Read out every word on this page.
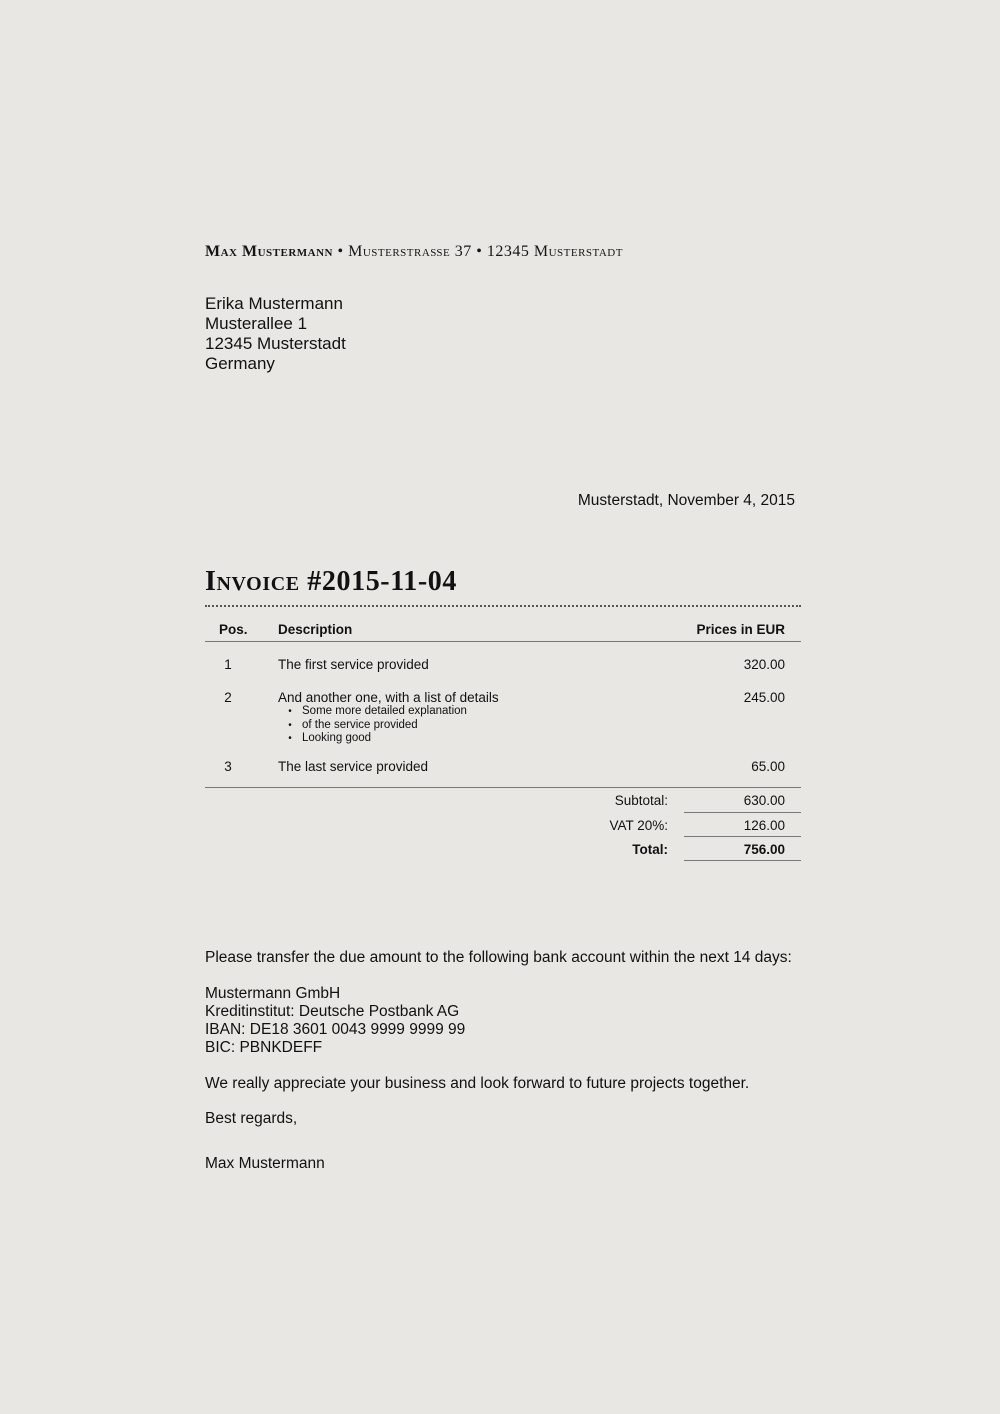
Max Mustermann • Musterstraße 37 • 12345 Musterstadt
Erika Mustermann
Musterallee 1
12345 Musterstadt
Germany
Musterstadt, November 4, 2015
Invoice #2015-11-04
Pos. Description	Prices in EUR
1	The first service provided	320.00
2	And another one, with a list of details	245.00
• Some more detailed explanation
• of the service provided
• Looking good
3	The last service provided	65.00
Subtotal:	630.00
VAT 20%:	126.00
Total:	756.00
Please transfer the due amount to the following bank account within the next 14 days:
Mustermann GmbH
Kreditinstitut: Deutsche Postbank AG
IBAN: DE18 3601 0043 9999 9999 99
BIC: PBNKDEFF
We really appreciate your business and look forward to future projects together.
Best regards,
Max Mustermann
